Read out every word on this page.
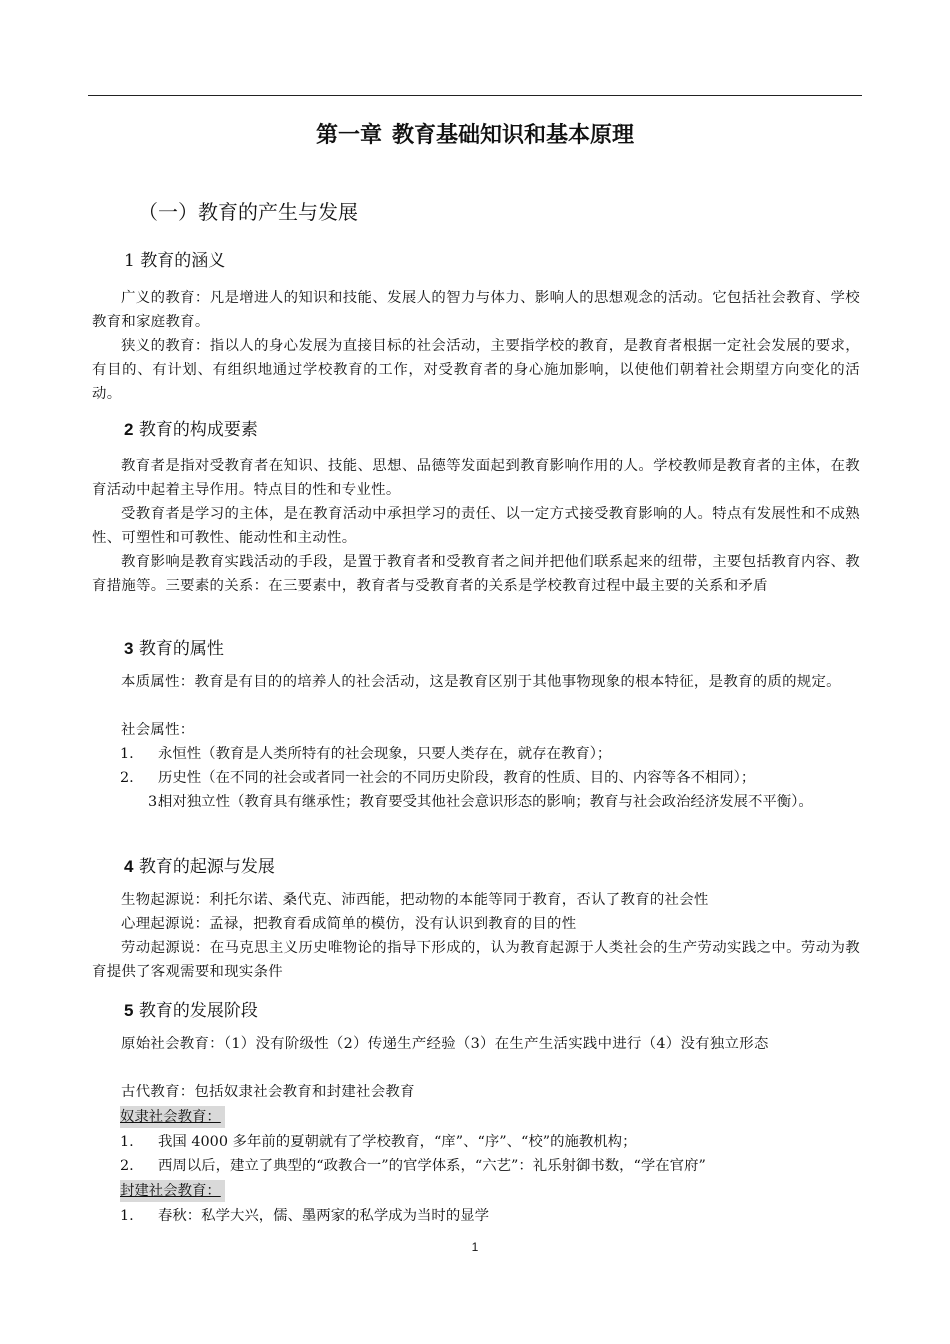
第一章 教育基础知识和基本原理
（一）教育的产生与发展
1 教育的涵义
广义的教育：凡是增进人的知识和技能、发展人的智力与体力、影响人的思想观念的活动。它包括社会教育、学校教育和家庭教育。
狭义的教育：指以人的身心发展为直接目标的社会活动，主要指学校的教育，是教育者根据一定社会发展的要求，有目的、有计划、有组织地通过学校教育的工作，对受教育者的身心施加影响，以使他们朝着社会期望方向变化的活动。
2 教育的构成要素
教育者是指对受教育者在知识、技能、思想、品德等发面起到教育影响作用的人。学校教师是教育者的主体，在教育活动中起着主导作用。特点目的性和专业性。
受教育者是学习的主体，是在教育活动中承担学习的责任、以一定方式接受教育影响的人。特点有发展性和不成熟性、可塑性和可教性、能动性和主动性。
教育影响是教育实践活动的手段，是置于教育者和受教育者之间并把他们联系起来的纽带，主要包括教育内容、教育措施等。三要素的关系：在三要素中，教育者与受教育者的关系是学校教育过程中最主要的关系和矛盾
3 教育的属性
本质属性：教育是有目的的培养人的社会活动，这是教育区别于其他事物现象的根本特征，是教育的质的规定。
社会属性：
1. 永恒性（教育是人类所特有的社会现象，只要人类存在，就存在教育）；
2. 历史性（在不同的社会或者同一社会的不同历史阶段，教育的性质、目的、内容等各不相同）；
3.相对独立性（教育具有继承性；教育要受其他社会意识形态的影响；教育与社会政治经济发展不平衡）。
4 教育的起源与发展
生物起源说：利托尔诺、桑代克、沛西能，把动物的本能等同于教育，否认了教育的社会性
心理起源说：孟禄，把教育看成简单的模仿，没有认识到教育的目的性
劳动起源说：在马克思主义历史唯物论的指导下形成的，认为教育起源于人类社会的生产劳动实践之中。劳动为教育提供了客观需要和现实条件
5 教育的发展阶段
原始社会教育：（1）没有阶级性（2）传递生产经验（3）在生产生活实践中进行（4）没有独立形态
古代教育：包括奴隶社会教育和封建社会教育
奴隶社会教育：
1. 我国 4000 多年前的夏朝就有了学校教育，“庠”、“序”、“校”的施教机构；
2. 西周以后，建立了典型的“政教合一”的官学体系，“六艺”：礼乐射御书数，“学在官府”
封建社会教育：
1. 春秋：私学大兴，儒、墨两家的私学成为当时的显学
1
